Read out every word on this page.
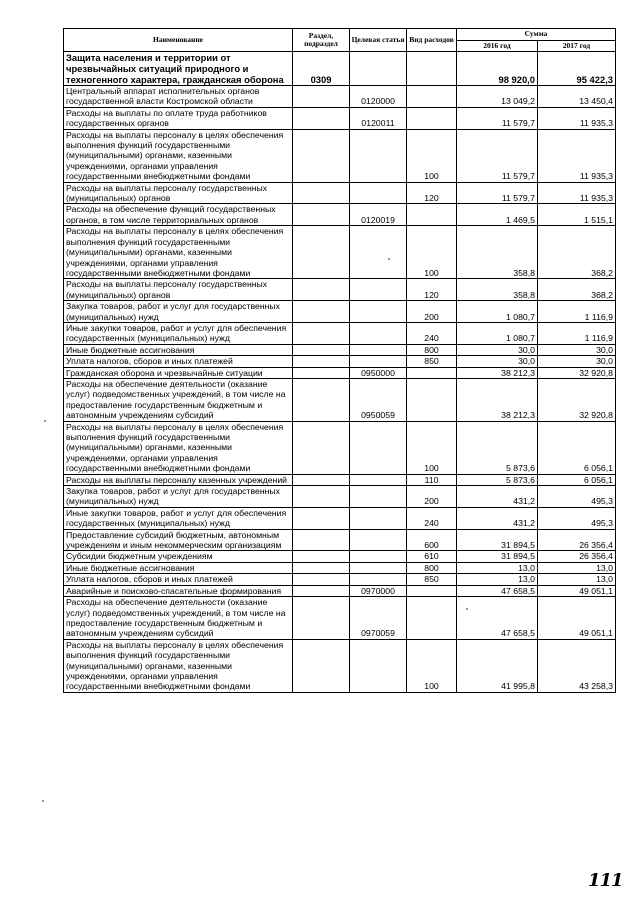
Наименование	Раздел, подраздел	Целевая статья	Вид расходов	Сумма	
				2016 год	2017 год
Защита населения и территории от чрезвычайных ситуаций природного и техногенного характера, гражданская оборона	0309			98 920,0	95 422,3
Центральный аппарат исполнительных органов государственной власти Костромской области		0120000		13 049,2	13 450,4
Расходы на выплаты по оплате труда работников государственных органов		0120011		11 579,7	11 935,3
Расходы на выплаты персоналу в целях обеспечения выполнения функций государственными (муниципальными) органами, казенными учреждениями, органами управления государственными внебюджетными фондами			100	11 579,7	11 935,3
Расходы на выплаты персоналу государственных (муниципальных) органов			120	11 579,7	11 935,3
Расходы на обеспечение функций государственных органов, в том числе территориальных органов		0120019		1 469,5	1 515,1
Расходы на выплаты персоналу в целях обеспечения выполнения функций государственными (муниципальными) органами, казенными учреждениями, органами управления государственными внебюджетными фондами			100	358,8	368,2
Расходы на выплаты персоналу государственных (муниципальных) органов			120	358,8	368,2
Закупка товаров, работ и услуг для государственных (муниципальных) нужд			200	1 080,7	1 116,9
Иные закупки товаров, работ и услуг для обеспечения государственных (муниципальных) нужд			240	1 080,7	1 116,9
Иные бюджетные ассигнования			800	30,0	30,0
Уплата налогов, сборов и иных платежей			850	30,0	30,0
Гражданская оборона и чрезвычайные ситуации		0950000		38 212,3	32 920,8
Расходы на обеспечение деятельности (оказание услуг) подведомственных учреждений, в том числе на предоставление государственным бюджетным и автономным учреждениям субсидий		0950059		38 212,3	32 920,8
Расходы на выплаты персоналу в целях обеспечения выполнения функций государственными (муниципальными) органами, казенными учреждениями, органами управления государственными внебюджетными фондами			100	5 873,6	6 056,1
Расходы на выплаты персоналу казенных учреждений			110	5 873,6	6 056,1
Закупка товаров, работ и услуг для государственных (муниципальных) нужд			200	431,2	495,3
Иные закупки товаров, работ и услуг для обеспечения государственных (муниципальных) нужд			240	431,2	495,3
Предоставление субсидий бюджетным, автономным учреждениям и иным некоммерческим организациям			600	31 894,5	26 356,4
Субсидии бюджетным учреждениям			610	31 894,5	26 356,4
Иные бюджетные ассигнования			800	13,0	13,0
Уплата налогов, сборов и иных платежей			850	13,0	13,0
Аварийные и поисково-спасательные формирования		0970000		47 658,5	49 051,1
Расходы на обеспечение деятельности (оказание услуг) подведомственных учреждений, в том числе на предоставление государственным бюджетным и автономным учреждениям субсидий		0970059		47 658,5	49 051,1
Расходы на выплаты персоналу в целях обеспечения выполнения функций государственными (муниципальными) органами, казенными учреждениями, органами управления государственными внебюджетными фондами			100	41 995,8	43 258,3
111
